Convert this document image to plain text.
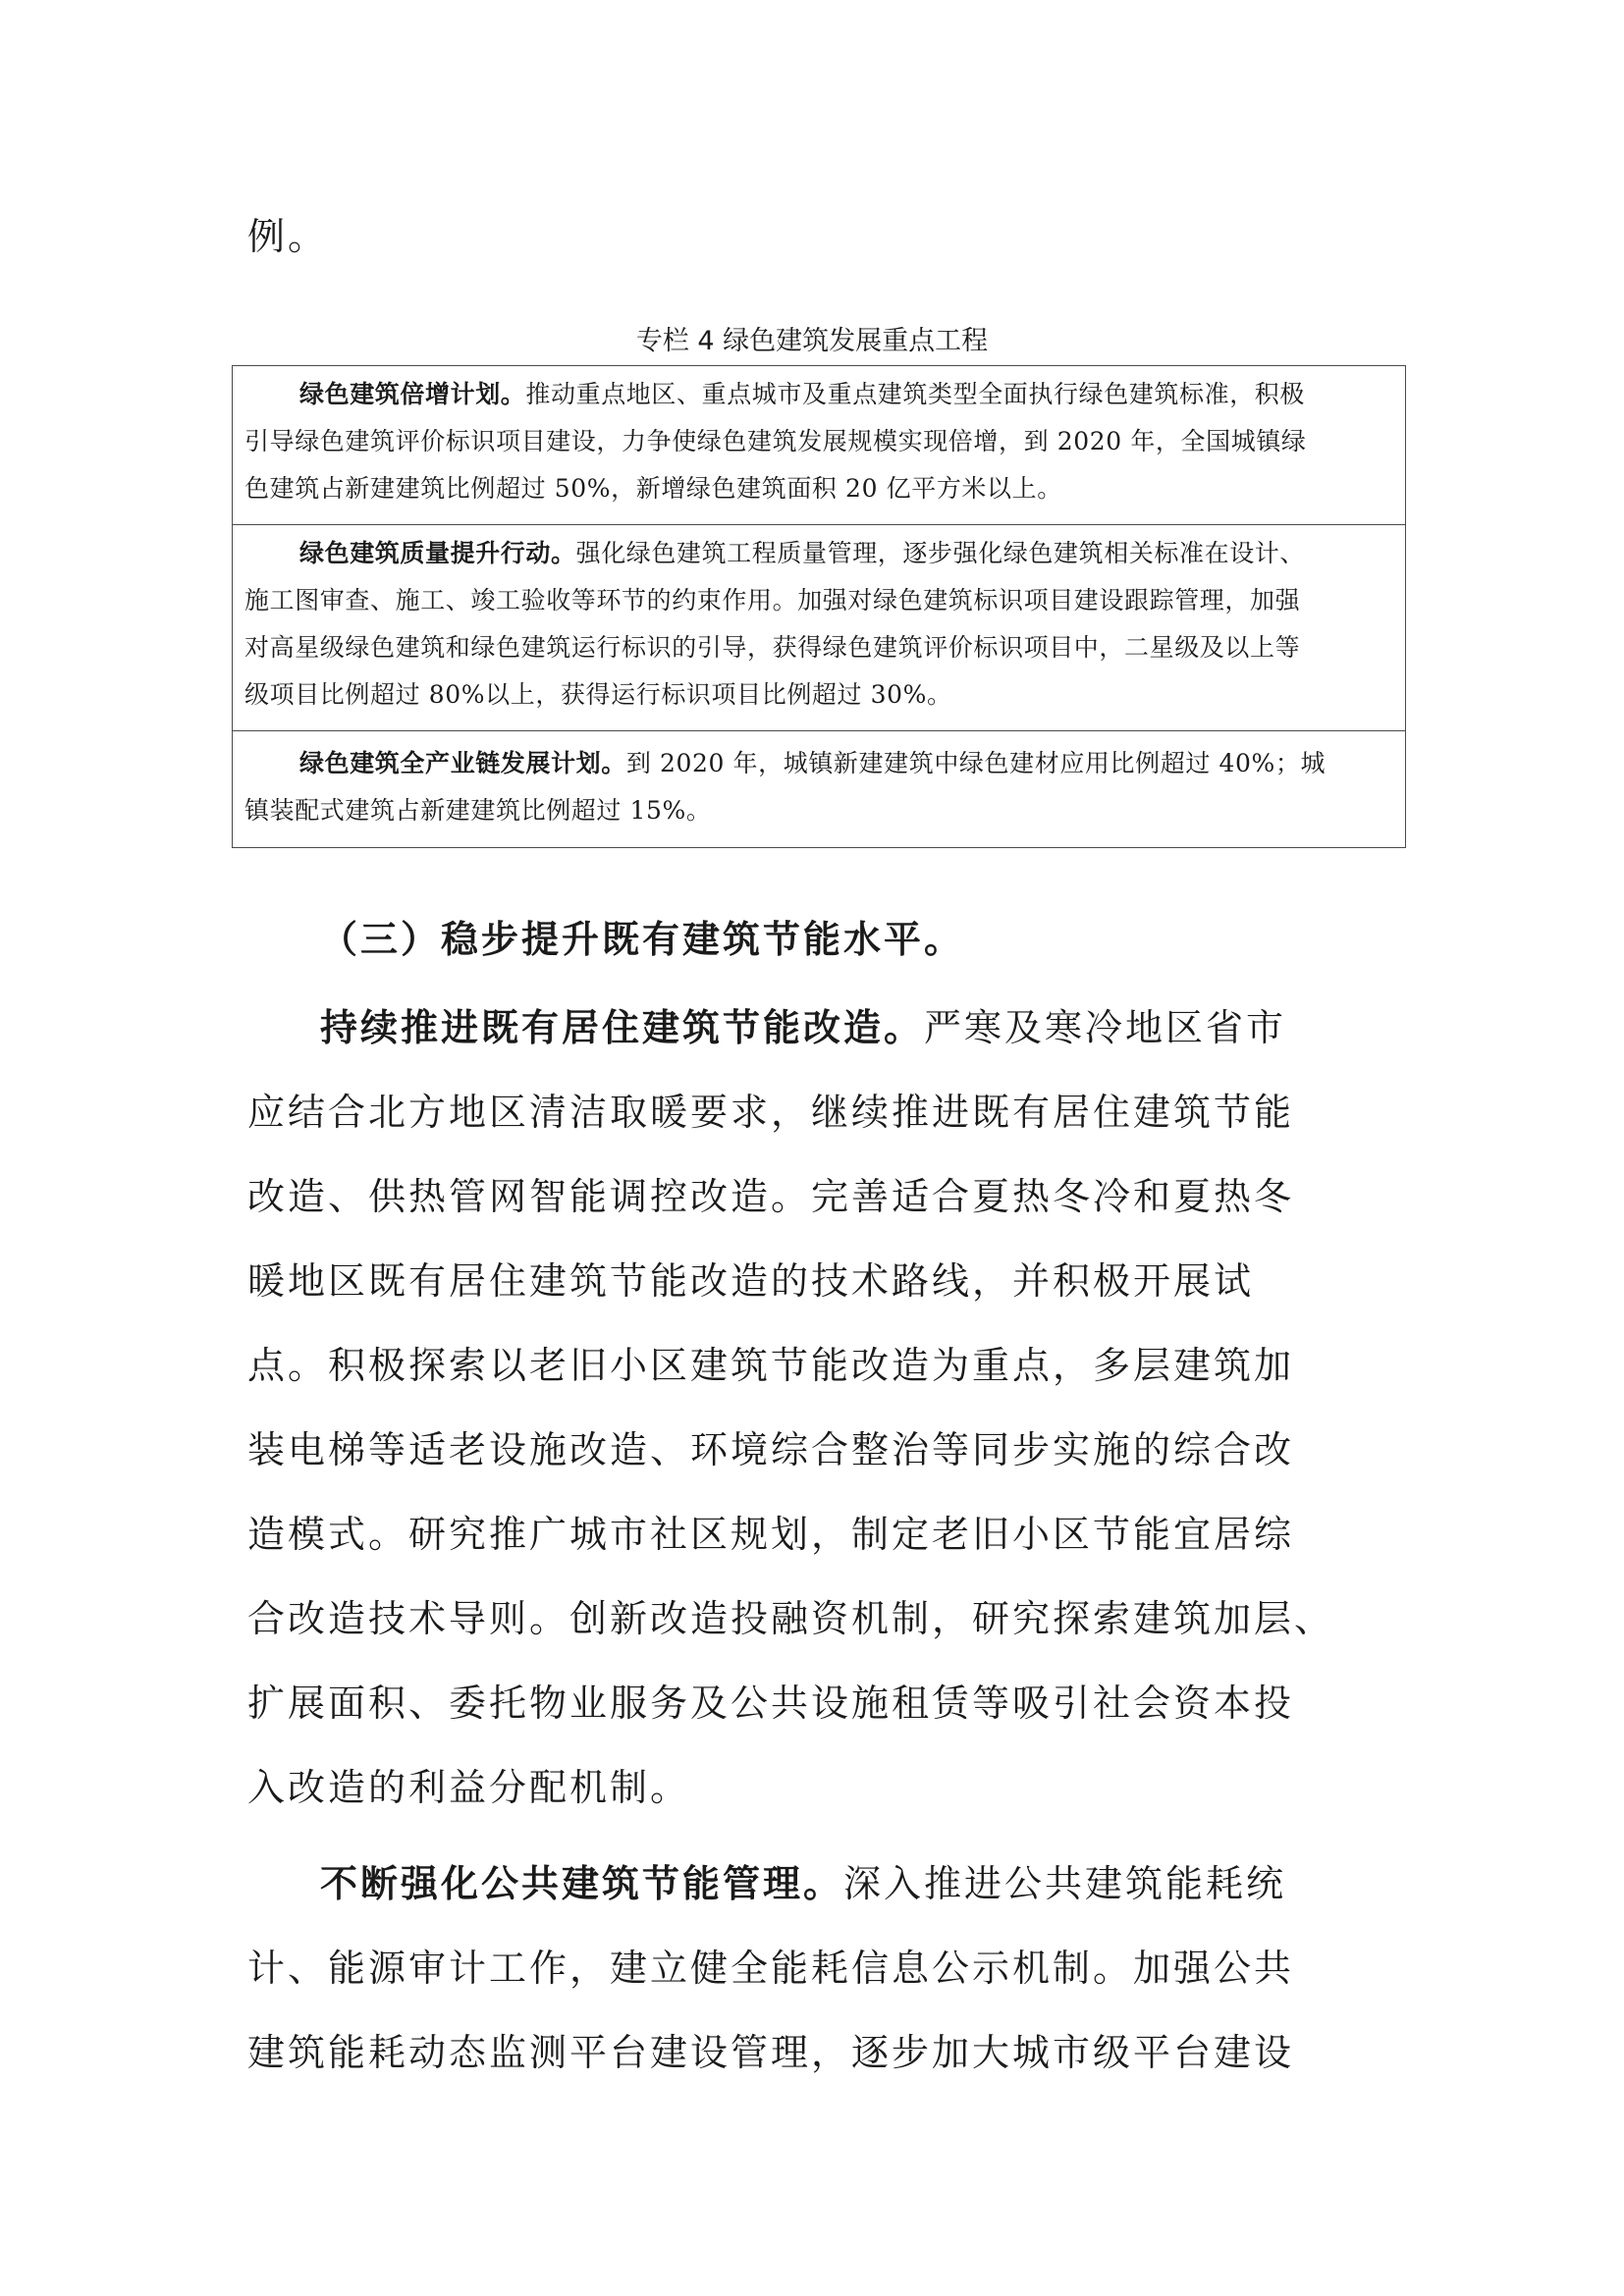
例。
专栏 4 绿色建筑发展重点工程
绿色建筑倍增计划。推动重点地区、重点城市及重点建筑类型全面执行绿色建筑标准，积极
引导绿色建筑评价标识项目建设，力争使绿色建筑发展规模实现倍增，到 2020 年，全国城镇绿
色建筑占新建建筑比例超过 50%，新增绿色建筑面积 20 亿平方米以上。
绿色建筑质量提升行动。强化绿色建筑工程质量管理，逐步强化绿色建筑相关标准在设计、
施工图审查、施工、竣工验收等环节的约束作用。加强对绿色建筑标识项目建设跟踪管理，加强
对高星级绿色建筑和绿色建筑运行标识的引导，获得绿色建筑评价标识项目中，二星级及以上等
级项目比例超过 80%以上，获得运行标识项目比例超过 30%。
绿色建筑全产业链发展计划。到 2020 年，城镇新建建筑中绿色建材应用比例超过 40%；城
镇装配式建筑占新建建筑比例超过 15%。
（三）稳步提升既有建筑节能水平。
持续推进既有居住建筑节能改造。严寒及寒冷地区省市
应结合北方地区清洁取暖要求，继续推进既有居住建筑节能
改造、供热管网智能调控改造。完善适合夏热冬冷和夏热冬
暖地区既有居住建筑节能改造的技术路线，并积极开展试
点。积极探索以老旧小区建筑节能改造为重点，多层建筑加
装电梯等适老设施改造、环境综合整治等同步实施的综合改
造模式。研究推广城市社区规划，制定老旧小区节能宜居综
合改造技术导则。创新改造投融资机制，研究探索建筑加层、
扩展面积、委托物业服务及公共设施租赁等吸引社会资本投
入改造的利益分配机制。
不断强化公共建筑节能管理。深入推进公共建筑能耗统
计、能源审计工作，建立健全能耗信息公示机制。加强公共
建筑能耗动态监测平台建设管理，逐步加大城市级平台建设
